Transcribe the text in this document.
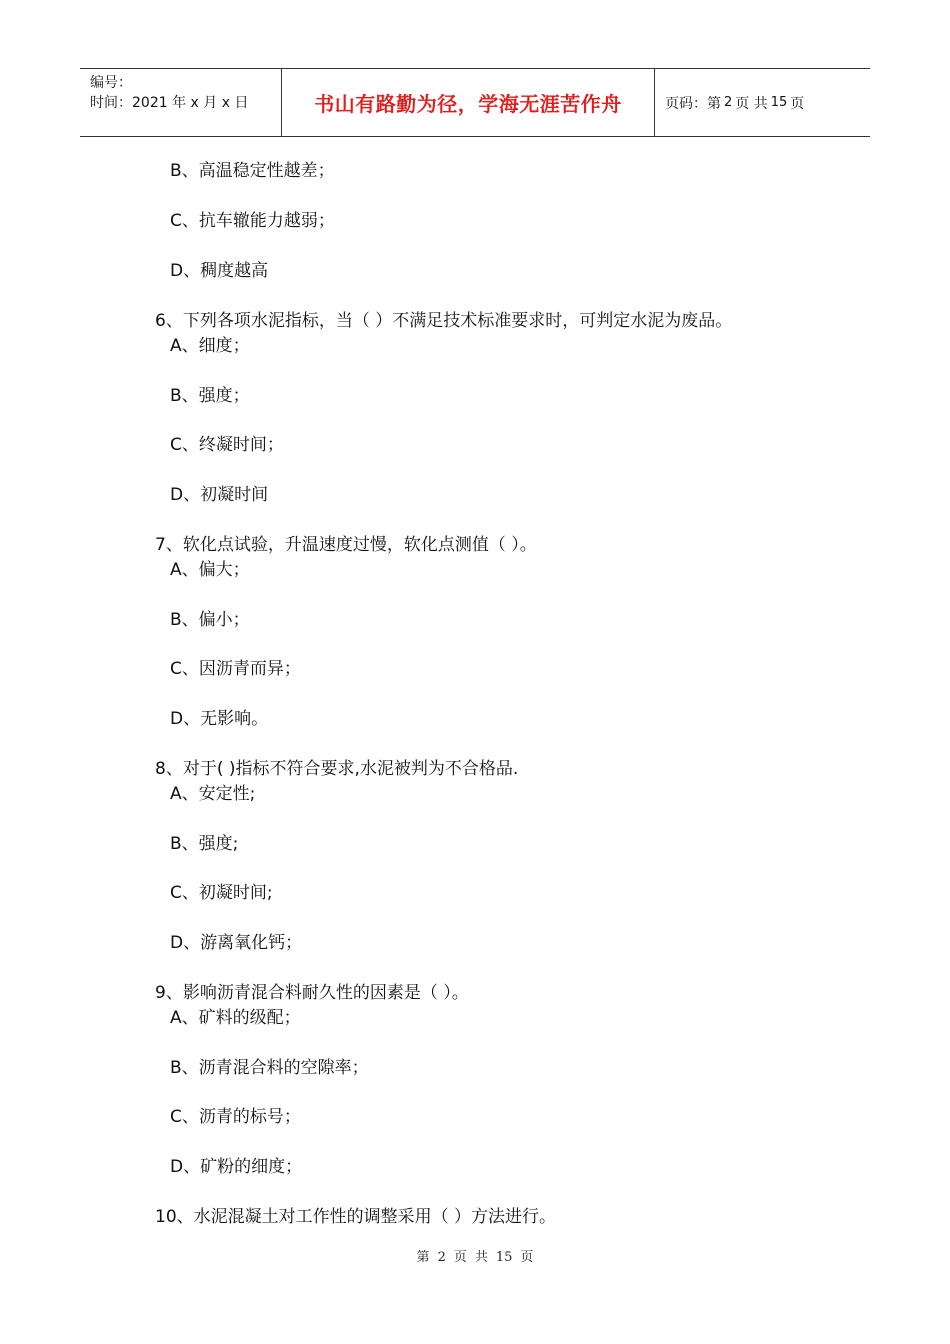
编号：
时间：2021 年 x 月 x 日	书山有路勤为径，学海无涯苦作舟	页码：第 2 页 共 15 页
B、高温稳定性越差；
C、抗车辙能力越弱；
D、稠度越高
6、下列各项水泥指标，当（ ）不满足技术标准要求时，可判定水泥为废品。
A、细度；
B、强度；
C、终凝时间；
D、初凝时间
7、软化点试验，升温速度过慢，软化点测值（ ）。
A、偏大；
B、偏小；
C、因沥青而异；
D、无影响。
8、对于( )指标不符合要求,水泥被判为不合格品.
A、安定性;
B、强度;
C、初凝时间;
D、游离氧化钙；
9、影响沥青混合料耐久性的因素是（ ）。
A、矿料的级配；
B、沥青混合料的空隙率；
C、沥青的标号；
D、矿粉的细度；
10、水泥混凝土对工作性的调整采用（ ）方法进行。
第 2 页 共 15 页
